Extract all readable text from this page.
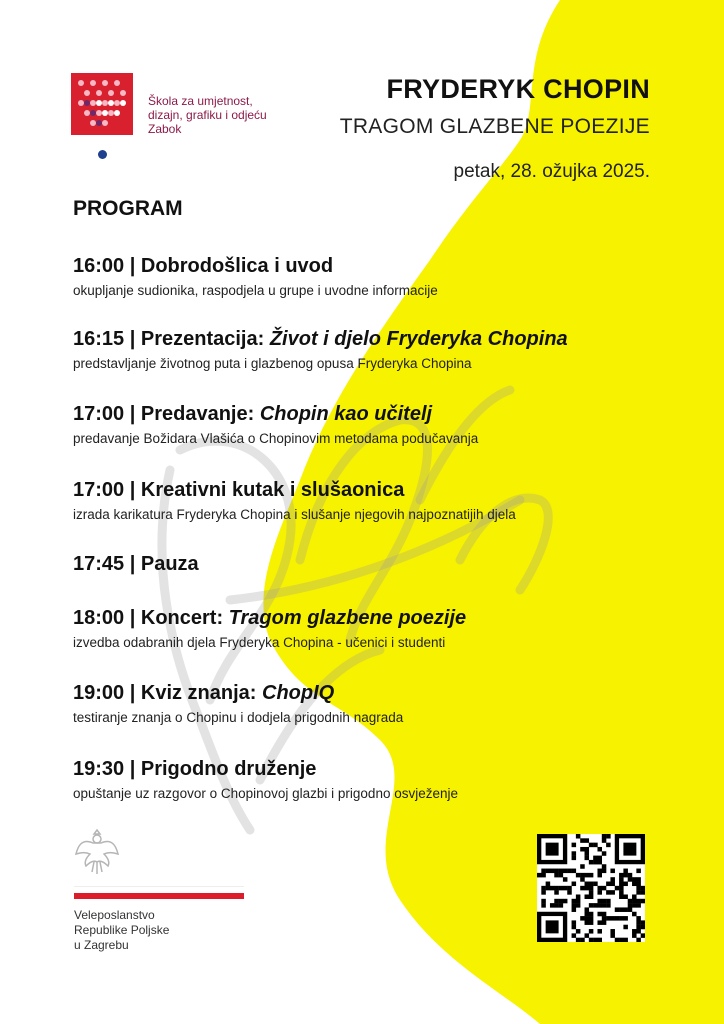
Škola za umjetnost, dizajn, grafiku i odjeću Zabok
FRYDERYK CHOPIN
TRAGOM GLAZBENE POEZIJE
petak, 28. ožujka 2025.
PROGRAM
16:00 | Dobrodošlica i uvod
okupljanje sudionika, raspodjela u grupe i uvodne informacije
16:15 | Prezentacija: Život i djelo Fryderyka Chopina
predstavljanje životnog puta i glazbenog opusa Fryderyka Chopina
17:00 | Predavanje: Chopin kao učitelj
predavanje Božidara Vlašića o Chopinovim metodama podučavanja
17:00 | Kreativni kutak i slušaonica
izrada karikatura Fryderyka Chopina i slušanje njegovih najpoznatijih djela
17:45 | Pauza
18:00 | Koncert: Tragom glazbene poezije
izvedba odabranih djela Fryderyka Chopina - učenici i studenti
19:00 | Kviz znanja: ChopIQ
testiranje znanja o Chopinu i dodjela prigodnih nagrada
19:30 | Prigodno druženje
opuštanje uz razgovor o Chopinovoj glazbi i prigodno osvježenje
Veleposlanstvo
Republike Poljske
u Zagrebu
